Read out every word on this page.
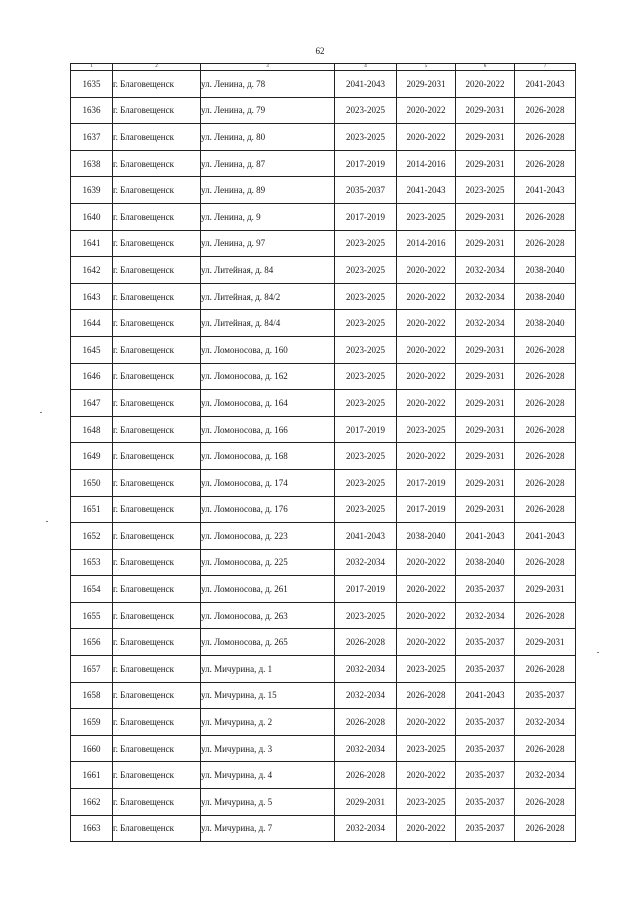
62
1	2	3	4	5	6	7
1635	г. Благовещенск	ул. Ленина, д. 78	2041-2043	2029-2031	2020-2022	2041-2043
1636	г. Благовещенск	ул. Ленина, д. 79	2023-2025	2020-2022	2029-2031	2026-2028
1637	г. Благовещенск	ул. Ленина, д. 80	2023-2025	2020-2022	2029-2031	2026-2028
1638	г. Благовещенск	ул. Ленина, д. 87	2017-2019	2014-2016	2029-2031	2026-2028
1639	г. Благовещенск	ул. Ленина, д. 89	2035-2037	2041-2043	2023-2025	2041-2043
1640	г. Благовещенск	ул. Ленина, д. 9	2017-2019	2023-2025	2029-2031	2026-2028
1641	г. Благовещенск	ул. Ленина, д. 97	2023-2025	2014-2016	2029-2031	2026-2028
1642	г. Благовещенск	ул. Литейная, д. 84	2023-2025	2020-2022	2032-2034	2038-2040
1643	г. Благовещенск	ул. Литейная, д. 84/2	2023-2025	2020-2022	2032-2034	2038-2040
1644	г. Благовещенск	ул. Литейная, д. 84/4	2023-2025	2020-2022	2032-2034	2038-2040
1645	г. Благовещенск	ул. Ломоносова, д. 160	2023-2025	2020-2022	2029-2031	2026-2028
1646	г. Благовещенск	ул. Ломоносова, д. 162	2023-2025	2020-2022	2029-2031	2026-2028
1647	г. Благовещенск	ул. Ломоносова, д. 164	2023-2025	2020-2022	2029-2031	2026-2028
1648	г. Благовещенск	ул. Ломоносова, д. 166	2017-2019	2023-2025	2029-2031	2026-2028
1649	г. Благовещенск	ул. Ломоносова, д. 168	2023-2025	2020-2022	2029-2031	2026-2028
1650	г. Благовещенск	ул. Ломоносова, д. 174	2023-2025	2017-2019	2029-2031	2026-2028
1651	г. Благовещенск	ул. Ломоносова, д. 176	2023-2025	2017-2019	2029-2031	2026-2028
1652	г. Благовещенск	ул. Ломоносова, д. 223	2041-2043	2038-2040	2041-2043	2041-2043
1653	г. Благовещенск	ул. Ломоносова, д. 225	2032-2034	2020-2022	2038-2040	2026-2028
1654	г. Благовещенск	ул. Ломоносова, д. 261	2017-2019	2020-2022	2035-2037	2029-2031
1655	г. Благовещенск	ул. Ломоносова, д. 263	2023-2025	2020-2022	2032-2034	2026-2028
1656	г. Благовещенск	ул. Ломоносова, д. 265	2026-2028	2020-2022	2035-2037	2029-2031
1657	г. Благовещенск	ул. Мичурина, д. 1	2032-2034	2023-2025	2035-2037	2026-2028
1658	г. Благовещенск	ул. Мичурина, д. 15	2032-2034	2026-2028	2041-2043	2035-2037
1659	г. Благовещенск	ул. Мичурина, д. 2	2026-2028	2020-2022	2035-2037	2032-2034
1660	г. Благовещенск	ул. Мичурина, д. 3	2032-2034	2023-2025	2035-2037	2026-2028
1661	г. Благовещенск	ул. Мичурина, д. 4	2026-2028	2020-2022	2035-2037	2032-2034
1662	г. Благовещенск	ул. Мичурина, д. 5	2029-2031	2023-2025	2035-2037	2026-2028
1663	г. Благовещенск	ул. Мичурина, д. 7	2032-2034	2020-2022	2035-2037	2026-2028
